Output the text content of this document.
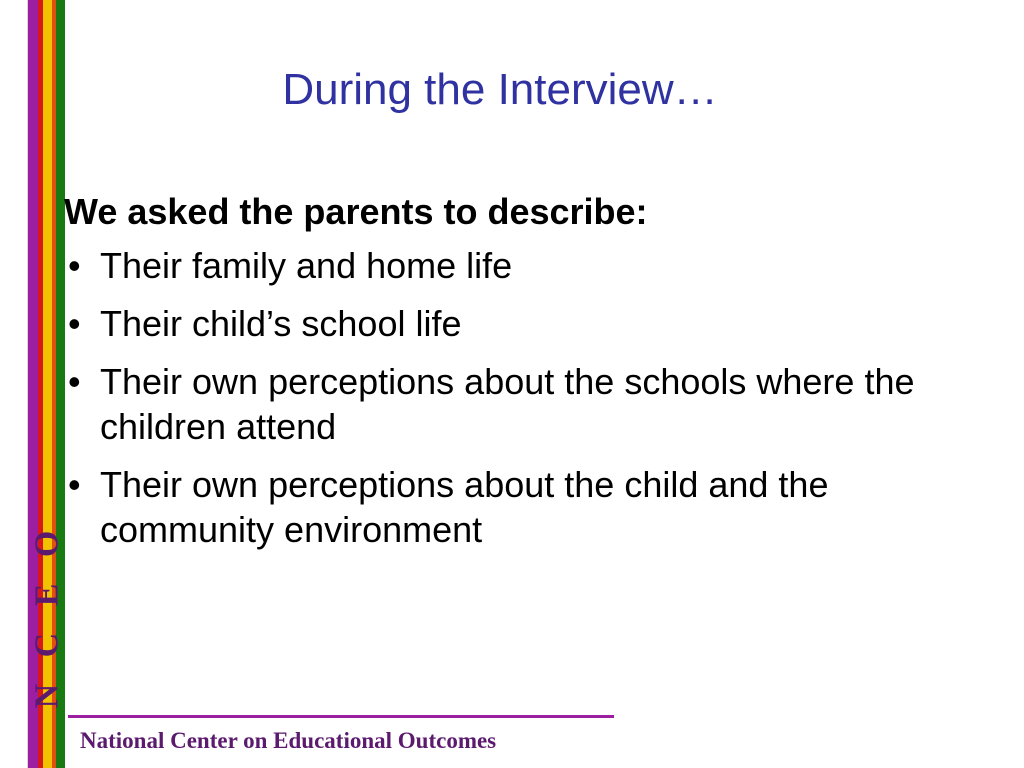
N C E O
During the Interview…
We asked the parents to describe:
• Their family and home life
• Their child’s school life
• Their own perceptions about the schools where the children attend
• Their own perceptions about the child and the community environment
National Center on Educational Outcomes
